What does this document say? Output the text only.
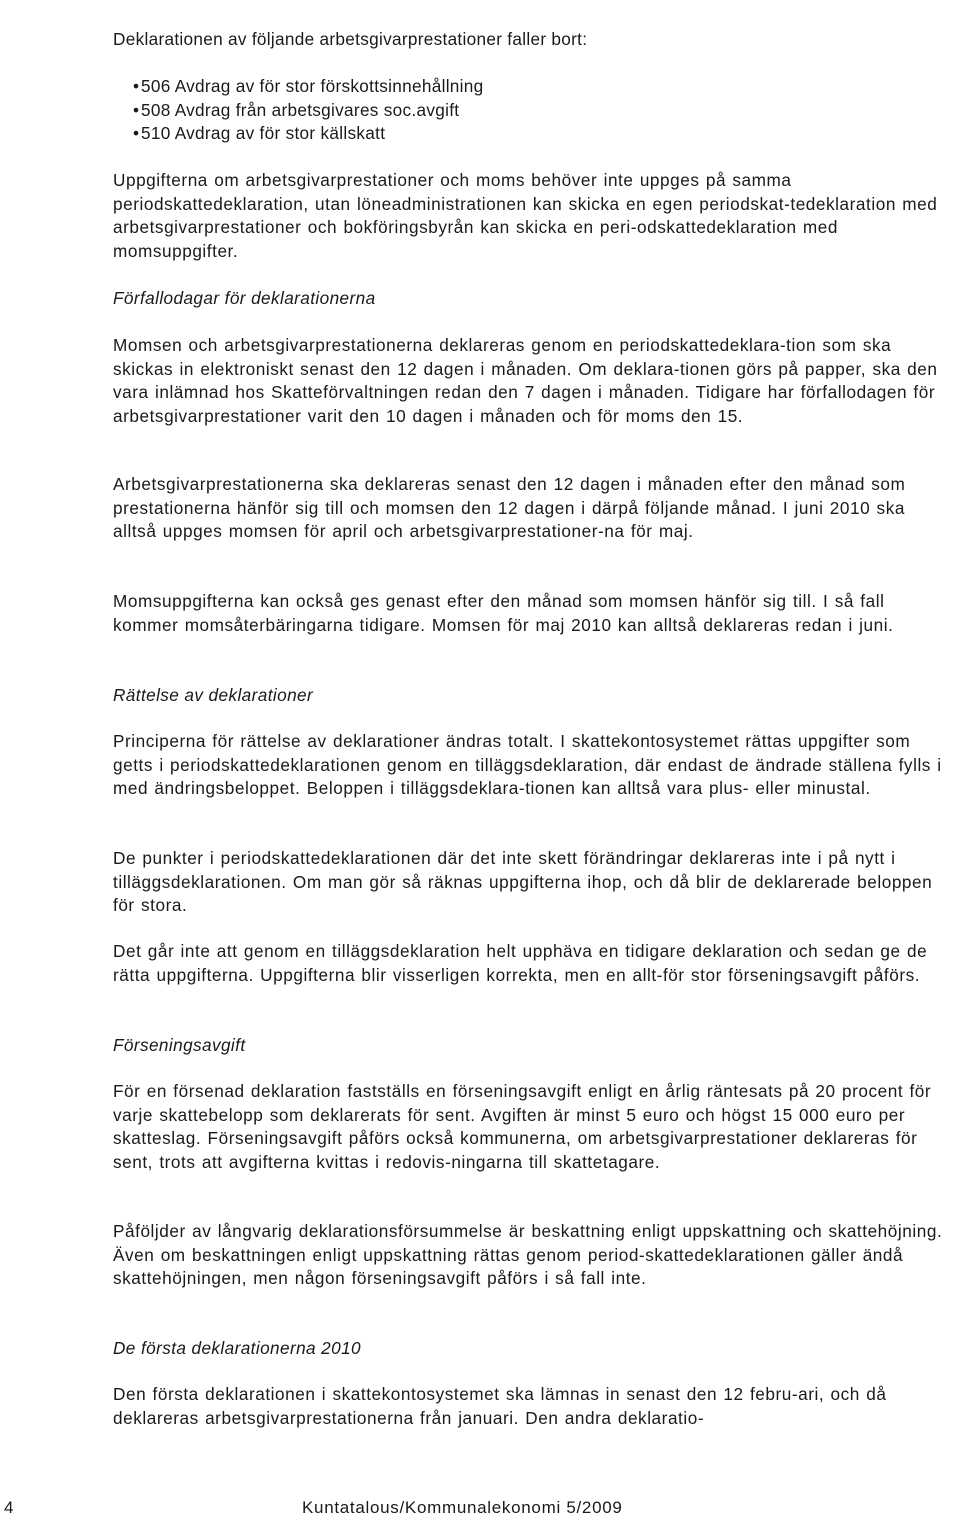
Deklarationen av följande arbetsgivarprestationer faller bort:

• 506 Avdrag av för stor förskottsinnehållning
• 508 Avdrag från arbetsgivares soc.avgift
• 510 Avdrag av för stor källskatt

Uppgifterna om arbetsgivarprestationer och moms behöver inte uppges på samma periodskattedeklaration, utan löneadministrationen kan skicka en egen periodskat-tedeklaration med arbetsgivarprestationer och bokföringsbyrån kan skicka en peri-odskattedeklaration med momsuppgifter.

Förfallodagar för deklarationerna

Momsen och arbetsgivarprestationerna deklareras genom en periodskattedeklara-tion som ska skickas in elektroniskt senast den 12 dagen i månaden. Om deklara-tionen görs på papper, ska den vara inlämnad hos Skatteförvaltningen redan den 7 dagen i månaden. Tidigare har förfallodagen för arbetsgivarprestationer varit den 10 dagen i månaden och för moms den 15.

Arbetsgivarprestationerna ska deklareras senast den 12 dagen i månaden efter den månad som prestationerna hänför sig till och momsen den 12 dagen i därpå följande månad. I juni 2010 ska alltså uppges momsen för april och arbetsgivarprestationer-na för maj.

Momsuppgifterna kan också ges genast efter den månad som momsen hänför sig till. I så fall kommer momsåterbäringarna tidigare. Momsen för maj 2010 kan alltså deklareras redan i juni.

Rättelse av deklarationer

Principerna för rättelse av deklarationer ändras totalt. I skattekontosystemet rättas uppgifter som getts i periodskattedeklarationen genom en tilläggsdeklaration, där endast de ändrade ställena fylls i med ändringsbeloppet. Beloppen i tilläggsdeklara-tionen kan alltså vara plus- eller minustal.

De punkter i periodskattedeklarationen där det inte skett förändringar deklareras inte i på nytt i tilläggsdeklarationen. Om man gör så räknas uppgifterna ihop, och då blir de deklarerade beloppen för stora.

Det går inte att genom en tilläggsdeklaration helt upphäva en tidigare deklaration och sedan ge de rätta uppgifterna. Uppgifterna blir visserligen korrekta, men en allt-för stor förseningsavgift påförs.

Förseningsavgift

För en försenad deklaration fastställs en förseningsavgift enligt en årlig räntesats på 20 procent för varje skattebelopp som deklarerats för sent. Avgiften är minst 5 euro och högst 15 000 euro per skatteslag. Förseningsavgift påförs också kommunerna, om arbetsgivarprestationer deklareras för sent, trots att avgifterna kvittas i redovis-ningarna till skattetagare.

Påföljder av långvarig deklarationsförsummelse är beskattning enligt uppskattning och skattehöjning. Även om beskattningen enligt uppskattning rättas genom period-skattedeklarationen gäller ändå skattehöjningen, men någon förseningsavgift påförs i så fall inte.

De första deklarationerna 2010

Den första deklarationen i skattekontosystemet ska lämnas in senast den 12 febru-ari, och då deklareras arbetsgivarprestationerna från januari. Den andra deklaratio-

4	Kuntatalous/Kommunalekonomi 5/2009
